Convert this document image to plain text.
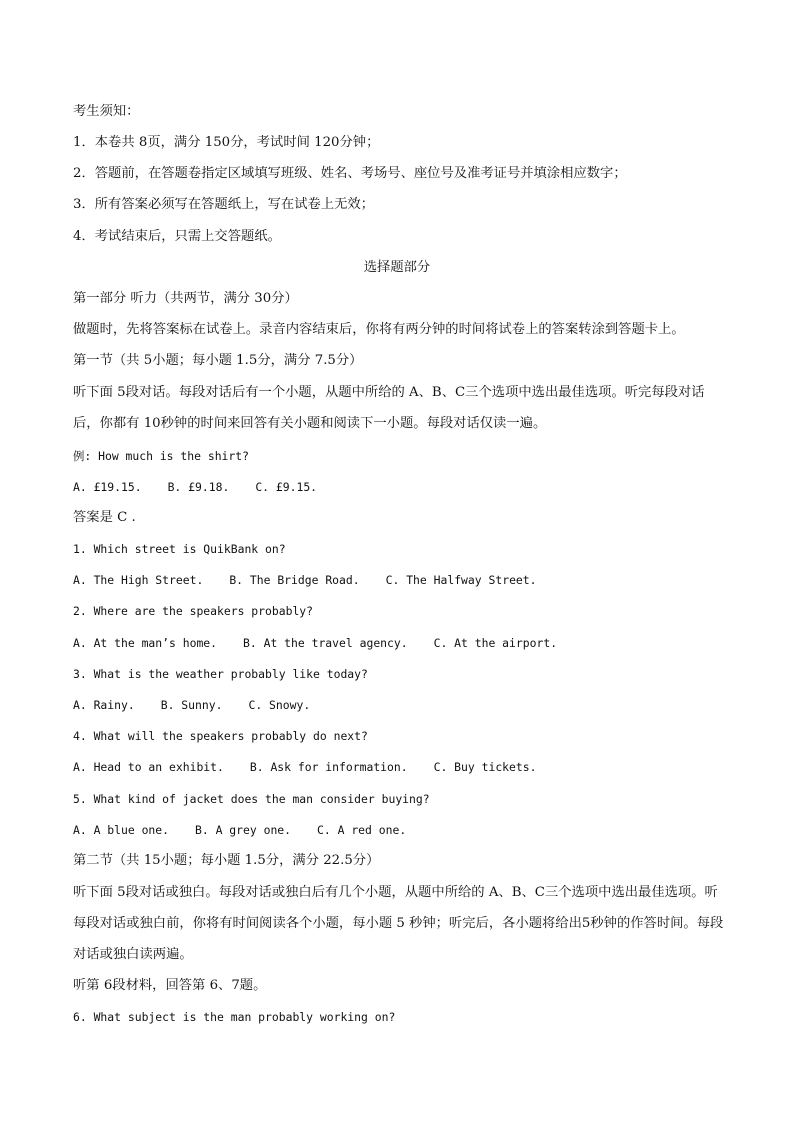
考生须知：
1．本卷共 8页，满分 150分，考试时间 120分钟；
2．答题前，在答题卷指定区域填写班级、姓名、考场号、座位号及准考证号并填涂相应数字；
3．所有答案必须写在答题纸上，写在试卷上无效；
4．考试结束后，只需上交答题纸。
选择题部分
第一部分 听力（共两节，满分 30分）
做题时，先将答案标在试卷上。录音内容结束后，你将有两分钟的时间将试卷上的答案转涂到答题卡上。
第一节（共 5小题；每小题 1.5分，满分 7.5分）
听下面 5段对话。每段对话后有一个小题，从题中所给的 A、B、C三个选项中选出最佳选项。听完每段对话后，你都有 10秒钟的时间来回答有关小题和阅读下一小题。每段对话仅读一遍。
例: How much is the shirt?
A. £19.15. B. £9.18. C. £9.15.
答案是 C .
1. Which street is QuikBank on?
A. The High Street. B. The Bridge Road. C. The Halfway Street.
2. Where are the speakers probably?
A. At the man’s home. B. At the travel agency. C. At the airport.
3. What is the weather probably like today?
A. Rainy. B. Sunny. C. Snowy.
4. What will the speakers probably do next?
A. Head to an exhibit. B. Ask for information. C. Buy tickets.
5. What kind of jacket does the man consider buying?
A. A blue one. B. A grey one. C. A red one.
第二节（共 15小题；每小题 1.5分，满分 22.5分）
听下面 5段对话或独白。每段对话或独白后有几个小题，从题中所给的 A、B、C三个选项中选出最佳选项。听每段对话或独白前，你将有时间阅读各个小题，每小题 5 秒钟；听完后，各小题将给出5秒钟的作答时间。每段对话或独白读两遍。
听第 6段材料，回答第 6、7题。
6. What subject is the man probably working on?
